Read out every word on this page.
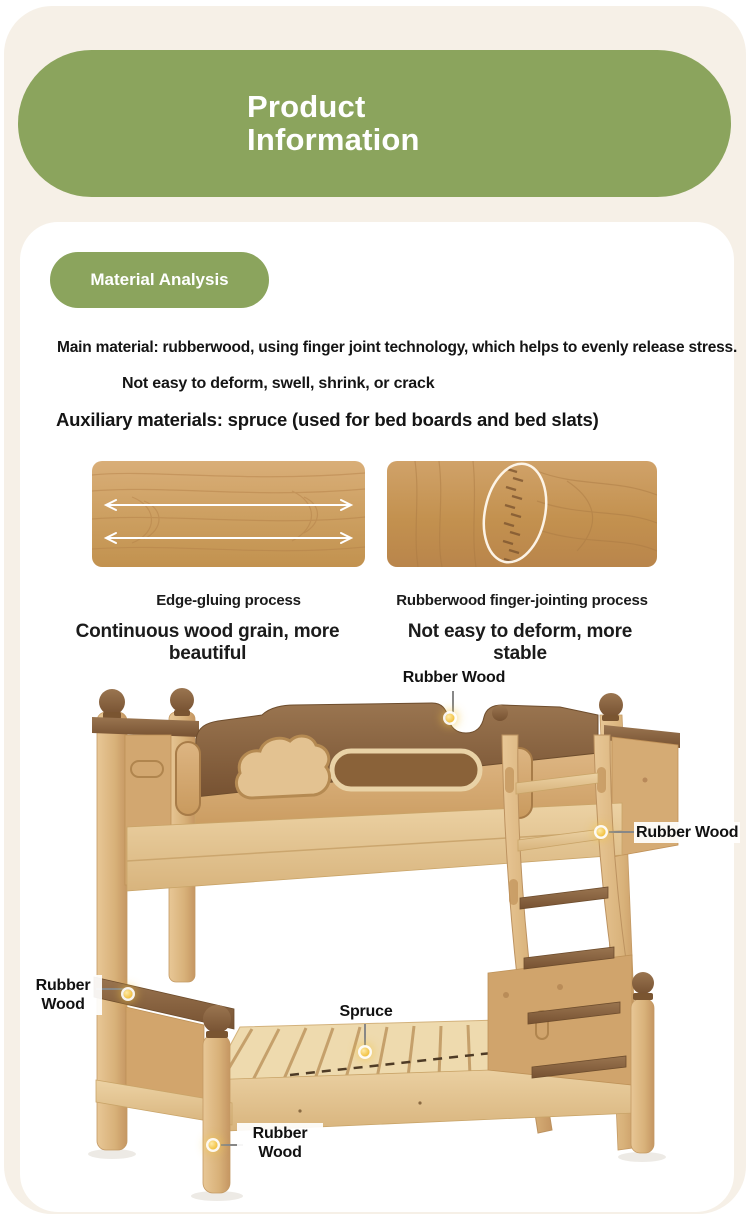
Product
Information
Material Analysis
Main material: rubberwood, using finger joint technology, which helps to evenly release stress.
Not easy to deform, swell, shrink, or crack
Auxiliary materials: spruce (used for bed boards and bed slats)
Edge-gluing process	Rubberwood finger-jointing process
Continuous wood grain, more beautiful
Not easy to deform, more stable
Rubber Wood
Rubber Wood
Rubber Wood	Spruce
Rubber Wood
